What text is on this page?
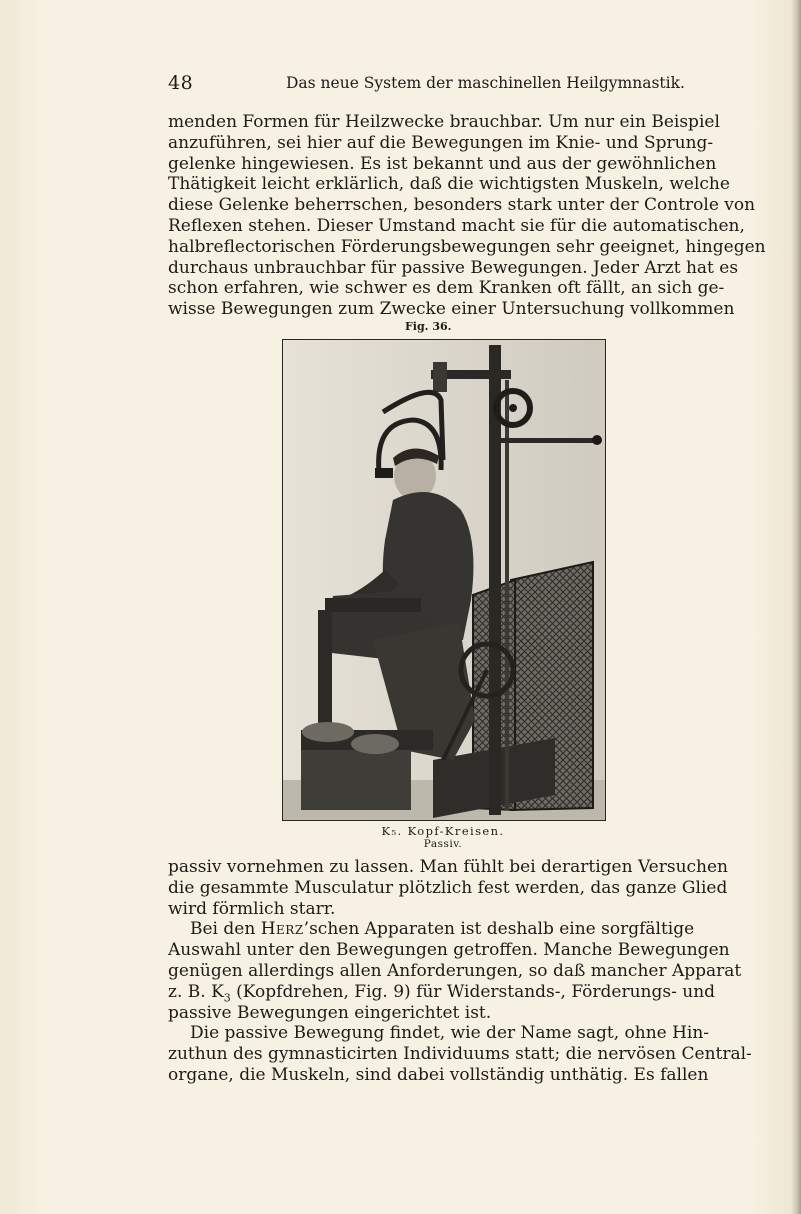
48	Das neue System der maschinellen Heilgymnastik.
menden Formen für Heilzwecke brauchbar. Um nur ein Beispiel
anzuführen, sei hier auf die Bewegungen im Knie- und Sprung-
gelenke hingewiesen. Es ist bekannt und aus der gewöhnlichen
Thätigkeit leicht erklärlich, daß die wichtigsten Muskeln, welche
diese Gelenke beherrschen, besonders stark unter der Controle von
Reflexen stehen. Dieser Umstand macht sie für die automatischen,
halbreflectorischen Förderungsbewegungen sehr geeignet, hingegen
durchaus unbrauchbar für passive Bewegungen. Jeder Arzt hat es
schon erfahren, wie schwer es dem Kranken oft fällt, an sich ge-
wisse Bewegungen zum Zwecke einer Untersuchung vollkommen
Fig. 36.
K₅. Kopf-Kreisen.
Passiv.
passiv vornehmen zu lassen. Man fühlt bei derartigen Versuchen
die gesammte Musculatur plötzlich fest werden, das ganze Glied
wird förmlich starr.
Bei den Herz’schen Apparaten ist deshalb eine sorgfältige
Auswahl unter den Bewegungen getroffen. Manche Bewegungen
genügen allerdings allen Anforderungen, so daß mancher Apparat
z. B. $K_3$ (Kopfdrehen, Fig. 9) für Widerstands-, Förderungs- und
passive Bewegungen eingerichtet ist.
Die passive Bewegung findet, wie der Name sagt, ohne Hin-
zuthun des gymnasticirten Individuums statt; die nervösen Central-
organe, die Muskeln, sind dabei vollständig unthätig. Es fallen
